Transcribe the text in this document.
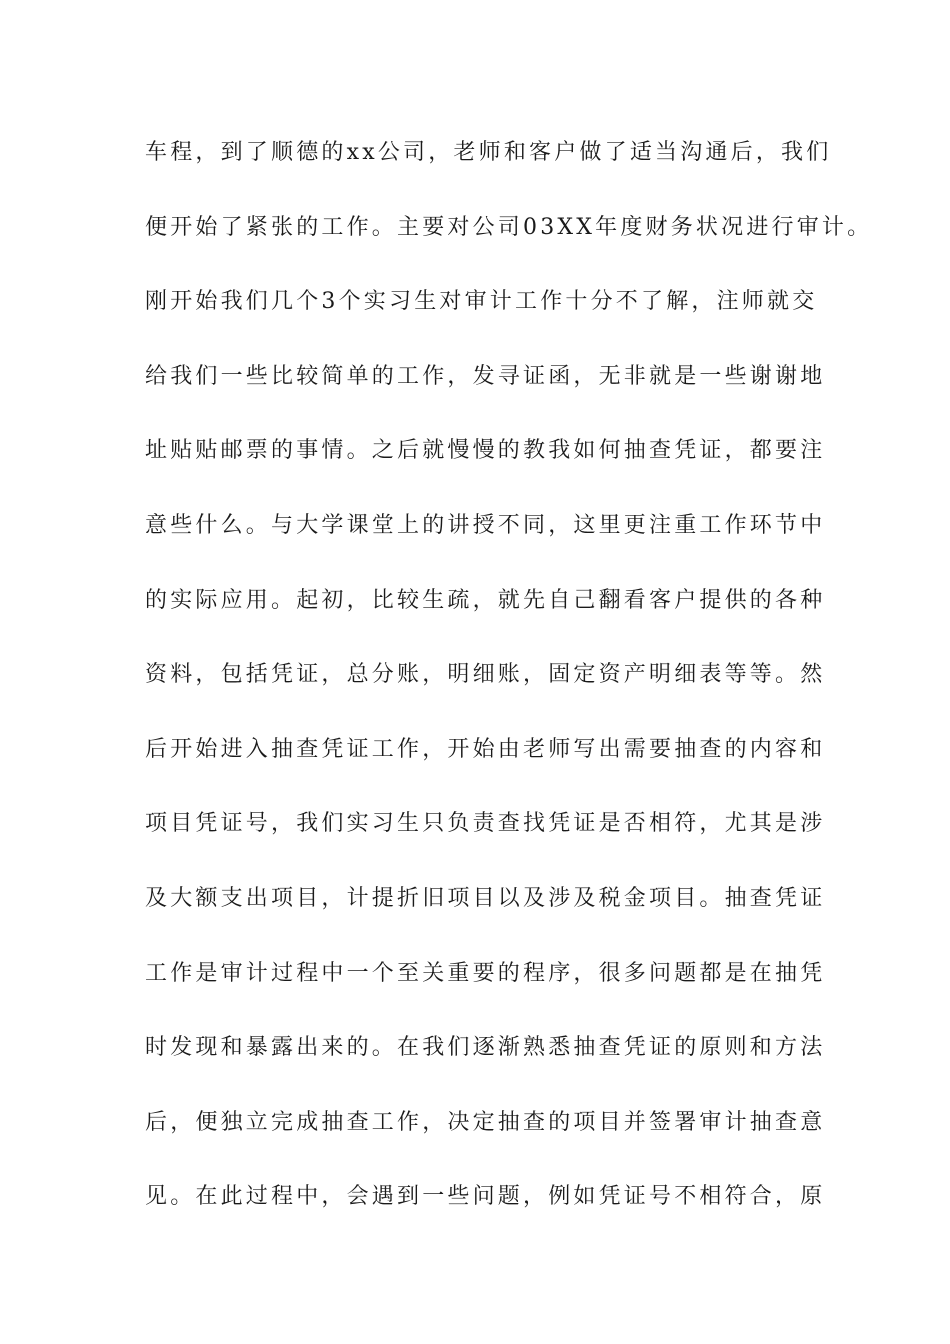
车程，到了顺德的xx公司，老师和客户做了适当沟通后，我们
便开始了紧张的工作。主要对公司03XX年度财务状况进行审计。
刚开始我们几个3个实习生对审计工作十分不了解，注师就交
给我们一些比较简单的工作，发寻证函，无非就是一些谢谢地
址贴贴邮票的事情。之后就慢慢的教我如何抽查凭证，都要注
意些什么。与大学课堂上的讲授不同，这里更注重工作环节中
的实际应用。起初，比较生疏，就先自己翻看客户提供的各种
资料，包括凭证，总分账，明细账，固定资产明细表等等。然
后开始进入抽查凭证工作，开始由老师写出需要抽查的内容和
项目凭证号，我们实习生只负责查找凭证是否相符，尤其是涉
及大额支出项目，计提折旧项目以及涉及税金项目。抽查凭证
工作是审计过程中一个至关重要的程序，很多问题都是在抽凭
时发现和暴露出来的。在我们逐渐熟悉抽查凭证的原则和方法
后，便独立完成抽查工作，决定抽查的项目并签署审计抽查意
见。在此过程中，会遇到一些问题，例如凭证号不相符合，原
